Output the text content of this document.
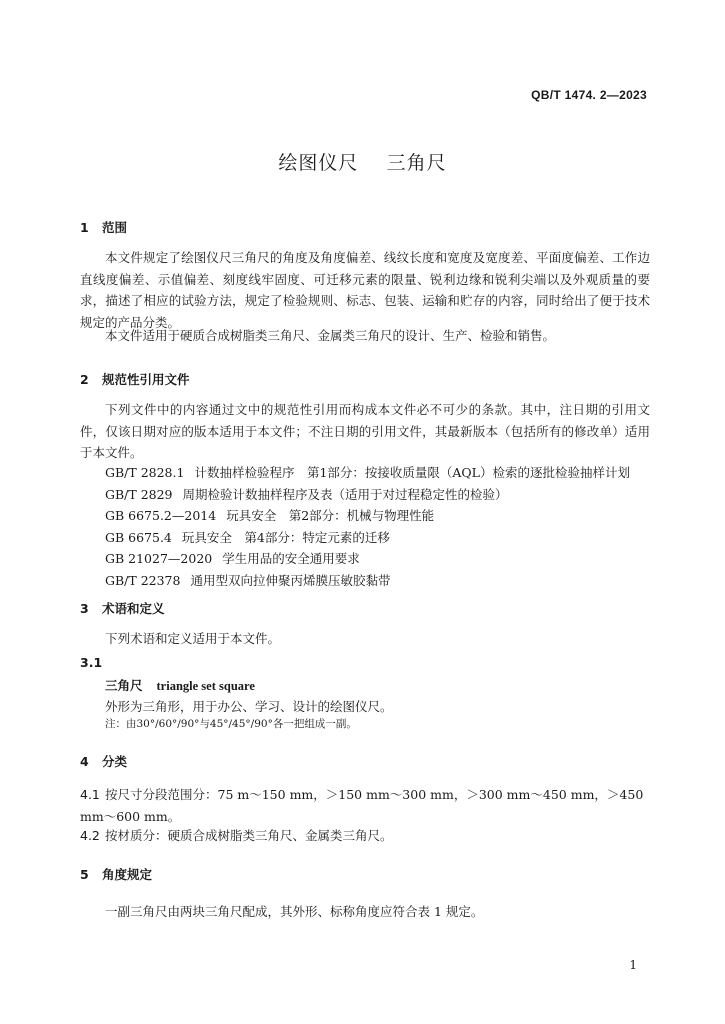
QB/T 1474. 2—2023
绘图仪尺    三角尺
1 范围

本文件规定了绘图仪尺三角尺的角度及角度偏差、线纹长度和宽度及宽度差、平面度偏差、工作边直线度偏差、示值偏差、刻度线牢固度、可迁移元素的限量、锐利边缘和锐利尖端以及外观质量的要求，描述了相应的试验方法，规定了检验规则、标志、包装、运输和贮存的内容，同时给出了便于技术规定的产品分类。

本文件适用于硬质合成树脂类三角尺、金属类三角尺的设计、生产、检验和销售。

2 规范性引用文件

下列文件中的内容通过文中的规范性引用而构成本文件必不可少的条款。其中，注日期的引用文件，仅该日期对应的版本适用于本文件；不注日期的引用文件，其最新版本（包括所有的修改单）适用于本文件。

GB/T 2828.1 计数抽样检验程序　第1部分：按接收质量限（AQL）检索的逐批检验抽样计划
GB/T 2829 周期检验计数抽样程序及表（适用于对过程稳定性的检验）
GB 6675.2—2014 玩具安全　第2部分：机械与物理性能
GB 6675.4 玩具安全　第4部分：特定元素的迁移
GB 21027—2020 学生用品的安全通用要求
GB/T 22378 通用型双向拉伸聚丙烯膜压敏胶黏带
3 术语和定义

下列术语和定义适用于本文件。

3.1
三角尺 triangle set square
外形为三角形，用于办公、学习、设计的绘图仪尺。
注：由30°/60°/90°与45°/45°/90°各一把组成一副。
4 分类

4.1 按尺寸分段范围分：75 m～150 mm，＞150 mm～300 mm，＞300 mm～450 mm，＞450 mm～600 mm。

4.2 按材质分：硬质合成树脂类三角尺、金属类三角尺。

5 角度规定

一副三角尺由两块三角尺配成，其外形、标称角度应符合表 1 规定。

1
